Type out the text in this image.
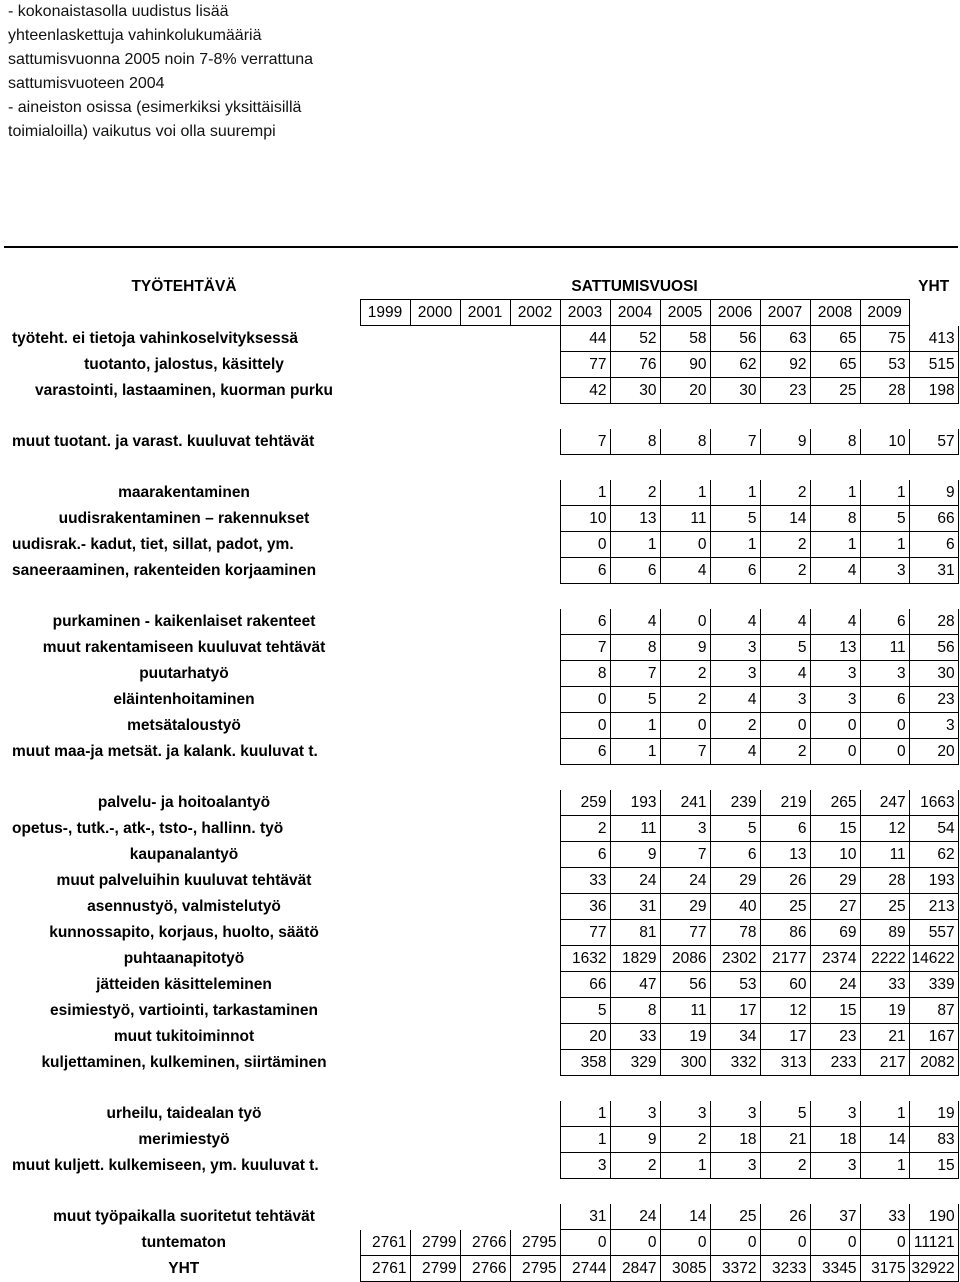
- kokonaistasolla uudistus lisää
yhteenlaskettuja vahinkolukumääriä
sattumisvuonna 2005 noin 7-8% verrattuna
sattumisvuoteen 2004
- aineiston osissa (esimerkiksi yksittäisillä
toimialoilla) vaikutus voi olla suurempi
TYÖTEHTÄVÄ	SATTUMISVUOSI											YHT
	1999	2000	2001	2002	2003	2004	2005	2006	2007	2008	2009	
työteht. ei tietoja vahinkoselvityksessä					44	52	58	56	63	65	75	413
tuotanto, jalostus, käsittely					77	76	90	62	92	65	53	515
varastointi, lastaaminen, kuorman purku					42	30	20	30	23	25	28	198

muut tuotant. ja varast. kuuluvat tehtävät					7	8	8	7	9	8	10	57

maarakentaminen					1	2	1	1	2	1	1	9
uudisrakentaminen – rakennukset					10	13	11	5	14	8	5	66
uudisrak.- kadut, tiet, sillat, padot, ym.					0	1	0	1	2	1	1	6
saneeraaminen, rakenteiden korjaaminen					6	6	4	6	2	4	3	31

purkaminen - kaikenlaiset rakenteet					6	4	0	4	4	4	6	28
muut rakentamiseen kuuluvat tehtävät					7	8	9	3	5	13	11	56
puutarhatyö					8	7	2	3	4	3	3	30
eläintenhoitaminen					0	5	2	4	3	3	6	23
metsätaloustyö					0	1	0	2	0	0	0	3
muut maa-ja metsät. ja kalank. kuuluvat t.					6	1	7	4	2	0	0	20

palvelu- ja hoitoalantyö					259	193	241	239	219	265	247	1663
opetus-, tutk.-, atk-, tsto-, hallinn. työ					2	11	3	5	6	15	12	54
kaupanalantyö					6	9	7	6	13	10	11	62
muut palveluihin kuuluvat tehtävät					33	24	24	29	26	29	28	193
asennustyö, valmistelutyö					36	31	29	40	25	27	25	213
kunnossapito, korjaus, huolto, säätö					77	81	77	78	86	69	89	557
puhtaanapitotyö					1632	1829	2086	2302	2177	2374	2222	14622
jätteiden käsitteleminen					66	47	56	53	60	24	33	339
esimiestyö, vartiointi, tarkastaminen					5	8	11	17	12	15	19	87
muut tukitoiminnot					20	33	19	34	17	23	21	167
kuljettaminen, kulkeminen, siirtäminen					358	329	300	332	313	233	217	2082

urheilu, taidealan työ					1	3	3	3	5	3	1	19
merimiestyö					1	9	2	18	21	18	14	83
muut kuljett. kulkemiseen, ym. kuuluvat t.					3	2	1	3	2	3	1	15

muut työpaikalla suoritetut tehtävät					31	24	14	25	26	37	33	190
tuntematon	2761	2799	2766	2795	0	0	0	0	0	0	0	11121
YHT	2761	2799	2766	2795	2744	2847	3085	3372	3233	3345	3175	32922
